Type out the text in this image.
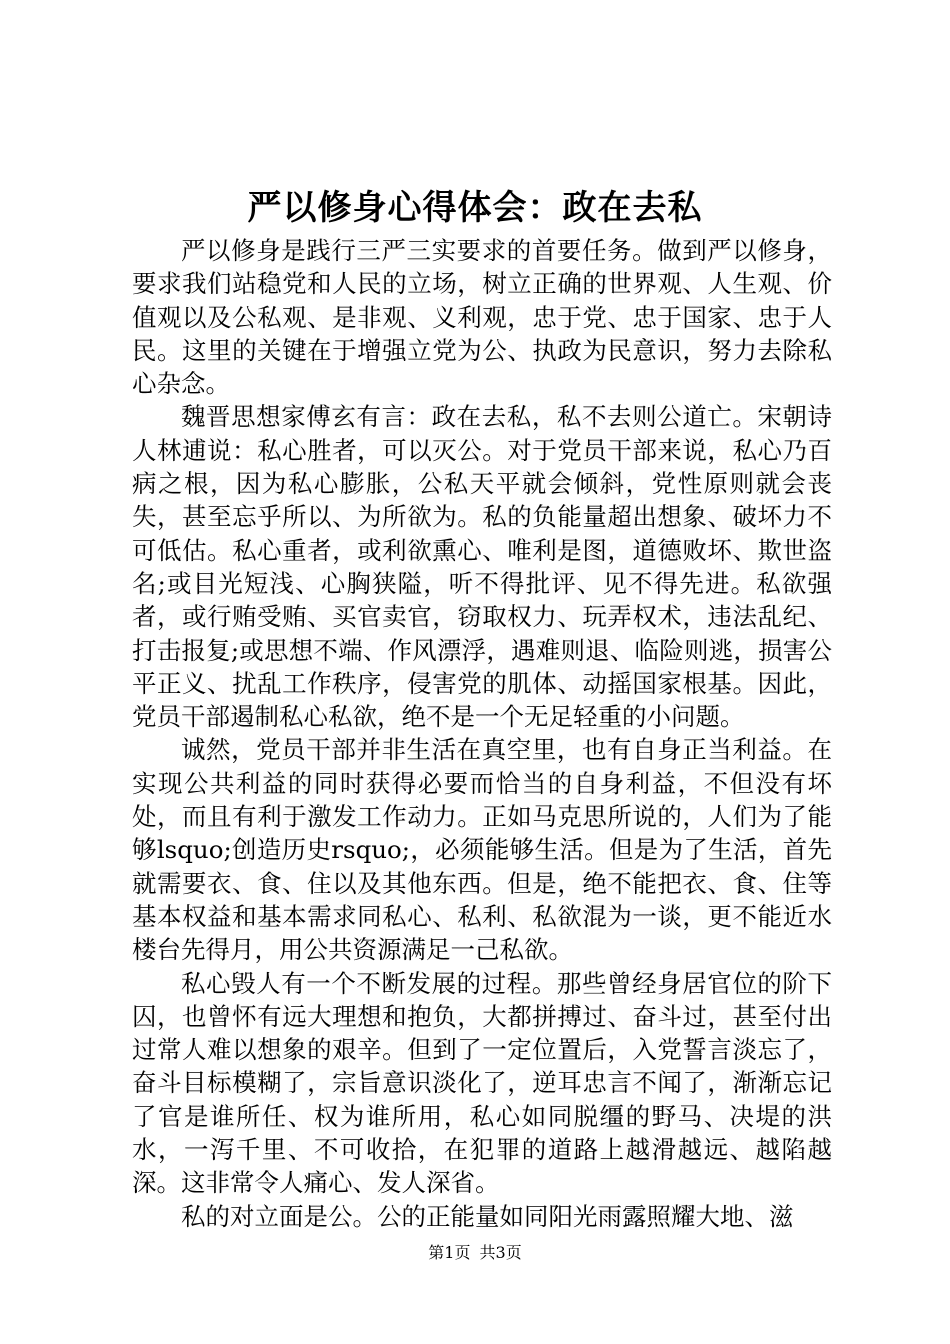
严以修身心得体会：政在去私

严以修身是践行三严三实要求的首要任务。做到严以修身，要求我们站稳党和人民的立场，树立正确的世界观、人生观、价值观以及公私观、是非观、义利观，忠于党、忠于国家、忠于人民。这里的关键在于增强立党为公、执政为民意识，努力去除私心杂念。

魏晋思想家傅玄有言：政在去私，私不去则公道亡。宋朝诗人林逋说：私心胜者，可以灭公。对于党员干部来说，私心乃百病之根，因为私心膨胀，公私天平就会倾斜，党性原则就会丧失，甚至忘乎所以、为所欲为。私的负能量超出想象、破坏力不可低估。私心重者，或利欲熏心、唯利是图，道德败坏、欺世盗名;或目光短浅、心胸狭隘，听不得批评、见不得先进。私欲强者，或行贿受贿、买官卖官，窃取权力、玩弄权术，违法乱纪、打击报复;或思想不端、作风漂浮，遇难则退、临险则逃，损害公平正义、扰乱工作秩序，侵害党的肌体、动摇国家根基。因此，党员干部遏制私心私欲，绝不是一个无足轻重的小问题。

诚然，党员干部并非生活在真空里，也有自身正当利益。在实现公共利益的同时获得必要而恰当的自身利益，不但没有坏处，而且有利于激发工作动力。正如马克思所说的，人们为了能够lsquo;创造历史rsquo;，必须能够生活。但是为了生活，首先就需要衣、食、住以及其他东西。但是，绝不能把衣、食、住等基本权益和基本需求同私心、私利、私欲混为一谈，更不能近水楼台先得月，用公共资源满足一己私欲。

私心毁人有一个不断发展的过程。那些曾经身居官位的阶下囚，也曾怀有远大理想和抱负，大都拼搏过、奋斗过，甚至付出过常人难以想象的艰辛。但到了一定位置后，入党誓言淡忘了，奋斗目标模糊了，宗旨意识淡化了，逆耳忠言不闻了，渐渐忘记了官是谁所任、权为谁所用，私心如同脱缰的野马、决堤的洪水，一泻千里、不可收拾，在犯罪的道路上越滑越远、越陷越深。这非常令人痛心、发人深省。

私的对立面是公。公的正能量如同阳光雨露照耀大地、滋

第1页 共3页
